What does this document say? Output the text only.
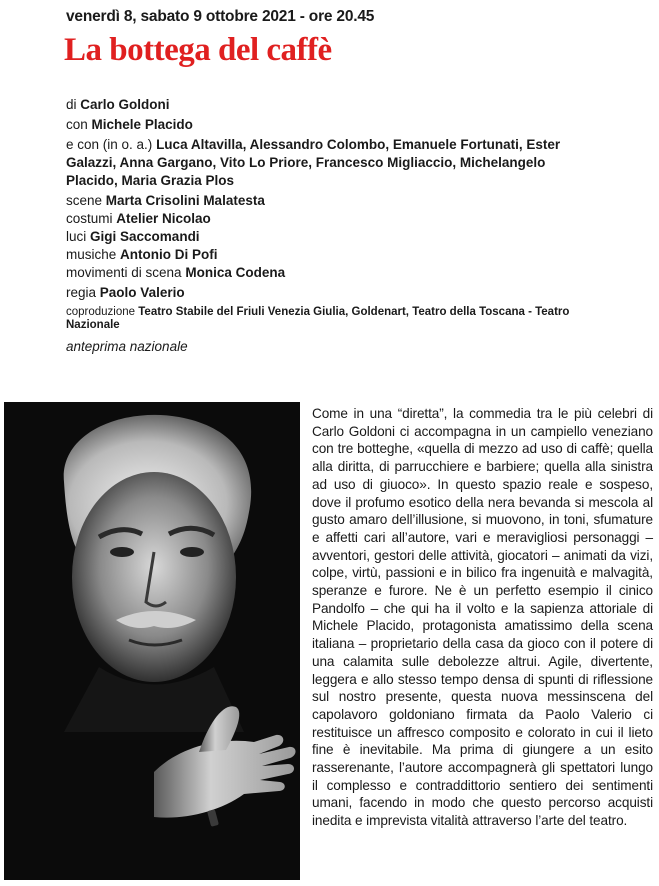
venerdì 8, sabato 9 ottobre 2021 - ore 20.45
La bottega del caffè
di Carlo Goldoni
con Michele Placido
e con (in o. a.) Luca Altavilla, Alessandro Colombo, Emanuele Fortunati, Ester Galazzi, Anna Gargano, Vito Lo Priore, Francesco Migliaccio, Michelangelo Placido, Maria Grazia Plos
scene Marta Crisolini Malatesta
costumi Atelier Nicolao
luci Gigi Saccomandi
musiche Antonio Di Pofi
movimenti di scena Monica Codena
regia Paolo Valerio
coproduzione Teatro Stabile del Friuli Venezia Giulia, Goldenart, Teatro della Toscana - Teatro Nazionale
anteprima nazionale
Come in una “diretta”, la commedia tra le più celebri di Carlo Goldoni ci accompagna in un campiello veneziano con tre botteghe, «quella di mezzo ad uso di caffè; quella alla diritta, di parrucchiere e barbiere; quella alla sinistra ad uso di giuoco». In questo spazio reale e sospeso, dove il profumo esotico della nera bevanda si mescola al gusto amaro dell’illusione, si muovono, in toni, sfumature e affetti cari all’autore, vari e meravigliosi personaggi – avventori, gestori delle attività, giocatori – animati da vizi, colpe, virtù, passioni e in bilico fra ingenuità e malvagità, speranze e furore. Ne è un perfetto esempio il cinico Pandolfo – che qui ha il volto e la sapienza attoriale di Michele Placido, protagonista amatissimo della scena italiana – proprietario della casa da gioco con il potere di una calamita sulle debolezze altrui. Agile, divertente, leggera e allo stesso tempo densa di spunti di riflessione sul nostro presente, questa nuova messinscena del capolavoro goldoniano firmata da Paolo Valerio ci restituisce un affresco composito e colorato in cui il lieto fine è inevitabile. Ma prima di giungere a un esito rasserenante, l’autore accompagnerà gli spettatori lungo il complesso e contraddittorio sentiero dei sentimenti umani, facendo in modo che questo percorso acquisti inedita e imprevista vitalità attraverso l’arte del teatro.
